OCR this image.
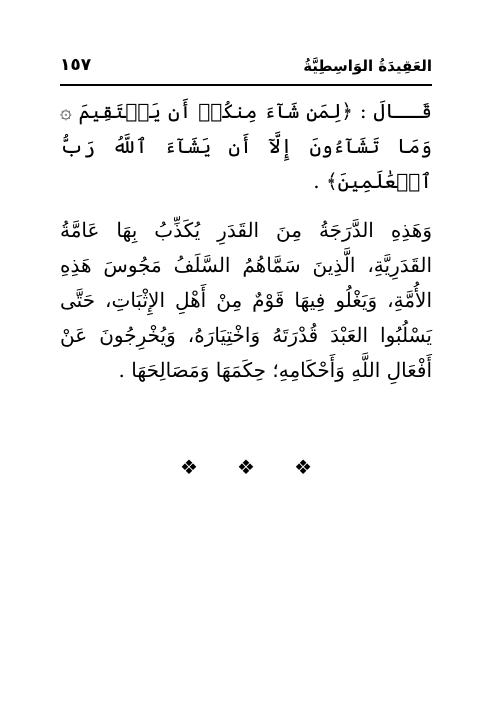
العَقِيدَةُ الوَاسِطِيَّةُ
١٥٧

قَــالَ : ﴿لِمَن شَآءَ مِنكُمۡ أَن يَسۡتَقِيمَ ۞ وَمَا تَشَآءُونَ إِلَّآ أَن يَشَآءَ ٱللَّهُ رَبُّ ٱلۡعَٰلَمِينَ﴾ .

وَهَذِهِ الدَّرَجَةُ مِنَ القَدَرِ يُكَذِّبُ بِهَا عَامَّةُ القَدَرِيَّةِ، الَّذِينَ سَمَّاهُمُ السَّلَفُ مَجُوسَ هَذِهِ الأُمَّةِ، وَيَغْلُو فِيهَا قَوْمٌ مِنْ أَهْلِ الإِثْبَاتِ، حَتَّى يَسْلُبُوا العَبْدَ قُدْرَتَهُ وَاخْتِيَارَهُ، وَيُخْرِجُونَ عَنْ أَفْعَالِ اللَّهِ وَأَحْكَامِهِ؛ حِكَمَهَا وَمَصَالِحَهَا .

❖ ❖ ❖
